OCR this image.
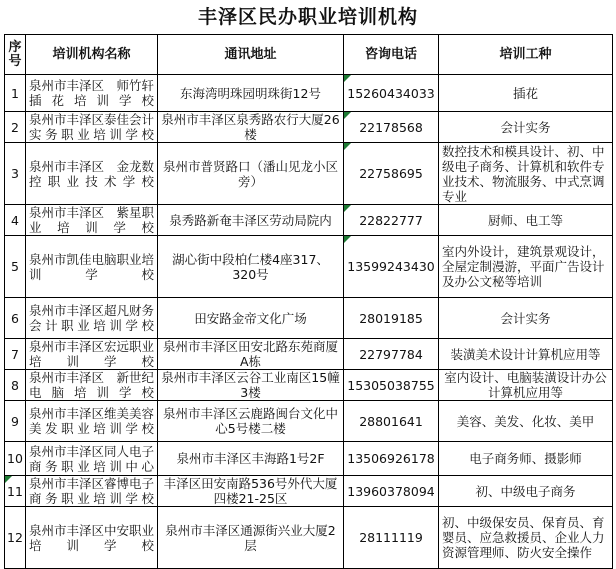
丰泽区民办职业培训机构
序号	培训机构名称	通讯地址	咨询电话	培训工种
1	泉州市丰泽区　师竹轩插花培训学校	东海湾明珠园明珠街12号	15260434033	插花
2	泉州市丰泽区泰佳会计实务职业培训学校	泉州市丰泽区泉秀路农行大厦26楼	22178568	会计实务
3	泉州市丰泽区　金龙数控职业技术学校	泉州市普贤路口（潘山见龙小区旁）	22758695	数控技术和模具设计、初、中级电子商务、计算机和软件专业技术、物流服务、中式烹调专业
4	泉州市丰泽区　紫星职业培训学校	泉秀路新奄丰泽区劳动局院内	22822777	厨师、电工等
5	泉州市凯佳电脑职业培训学校	湖心街中段柏仁楼4座317、320号	13599243430	室内外设计，建筑景观设计，全屋定制漫游，平面广告设计及办公文秘等培训
6	泉州市丰泽区超凡财务会计职业培训学校	田安路金帝文化广场	28019185	会计实务
7	泉州市丰泽区宏远职业培训学校	泉州市丰泽区田安北路东苑商厦A栋	22797784	装潢美术设计计算机应用等
8	泉州市丰泽区　新世纪电脑培训学校	泉州市丰泽区云谷工业南区15幢3楼	15305038755	室内设计、电脑装潢设计办公计算机应用等
9	泉州市丰泽区维美美容美发职业培训学校	泉州市丰泽区云鹿路闽台文化中心5号楼二楼	28801641	美容、美发、化妆、美甲
10	泉州市丰泽区同人电子商务职业培训中心	泉州市丰泽区丰海路1号2F	13506926178	电子商务师、摄影师

11	泉州市丰泽区睿博电子商务职业培训学校	丰泽区田安南路536号外代大厦四楼21-25区	13960378094	初、中级电子商务
12	泉州市丰泽区中安职业培训学校	泉州市丰泽区通源街兴业大厦2层	28111119	初、中级保安员、保育员、育婴员、应急救援员、企业人力资源管理师、防火安全操作
